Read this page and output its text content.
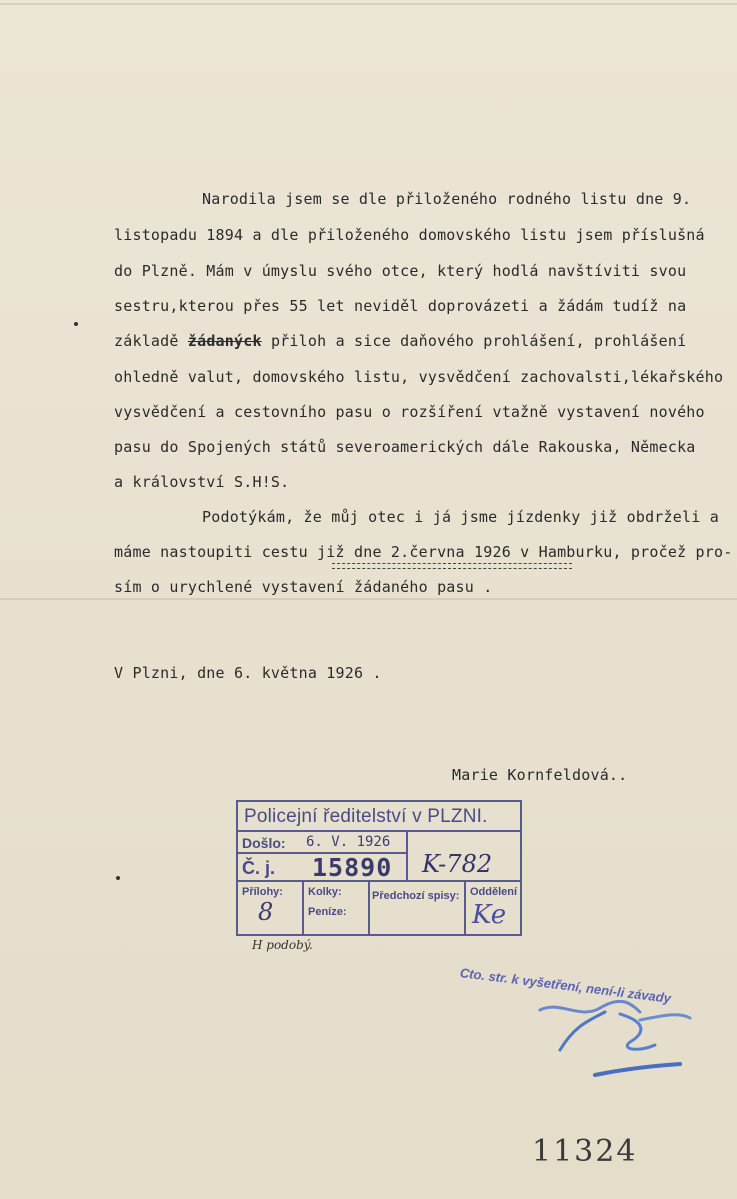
Narodila jsem se dle přiloženého rodného listu dne 9.
listopadu 1894 a dle přiloženého domovského listu jsem příslušná
do Plzně. Mám v úmyslu svého otce, který hodlá navštíviti svou
sestru,kterou přes 55 let neviděl doprovázeti a žádám tudíž na
základě žádanýck přiloh a sice daňového prohlášení, prohlášení
ohledně valut, domovského listu, vysvědčení zachovalsti,lékařského
vysvědčení a cestovního pasu o rozšíření vtažně vystavení nového
pasu do Spojených států severoamerických dále Rakouska, Německa
a království S.H!S.
Podotýkám, že můj otec i já jsme jízdenky již obdrželi a
máme nastoupiti cestu již dne 2.června 1926 v Hamburku, pročež pro-
sím o urychlené vystavení žádaného pasu .
V Plzni, dne 6. května 1926 .
Marie Kornfeldová..
Policejní ředitelství v PLZNI.
Došlo: 6. V. 1926
Č. j. 15890 K-782
Přílohy:
8
Kolky:
Peníze:
Předchozí spisy: Oddělení
Ke
H podobý.
Cto. str. k vyšetření, není-li závady
11324
